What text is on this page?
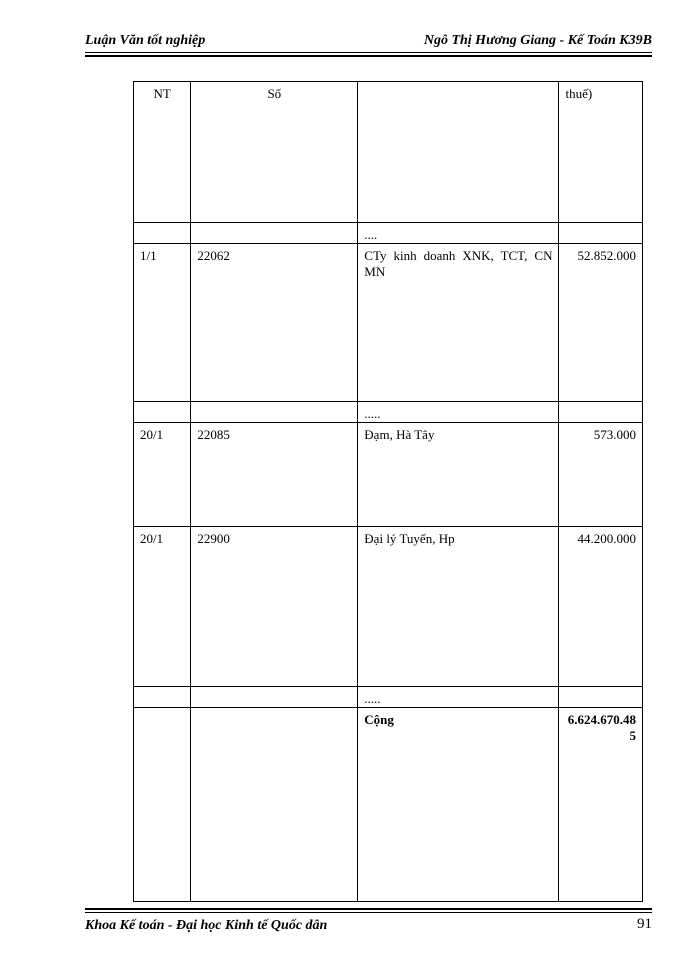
Luận Văn tốt nghiệp	Ngô Thị Hương Giang - Kế Toán K39B
NT	Số		thuế)
		....	
1/1	22062	CTy kinh doanh XNK, TCT, CN MN	52.852.000
		.....	
20/1	22085	Đạm, Hà Tây	573.000
20/1	22900	Đại lý Tuyến, Hp	44.200.000
		.....	
		Cộng	6.624.670.485
Khoa Kế toán - Đại học Kinh tế Quốc dân	91
